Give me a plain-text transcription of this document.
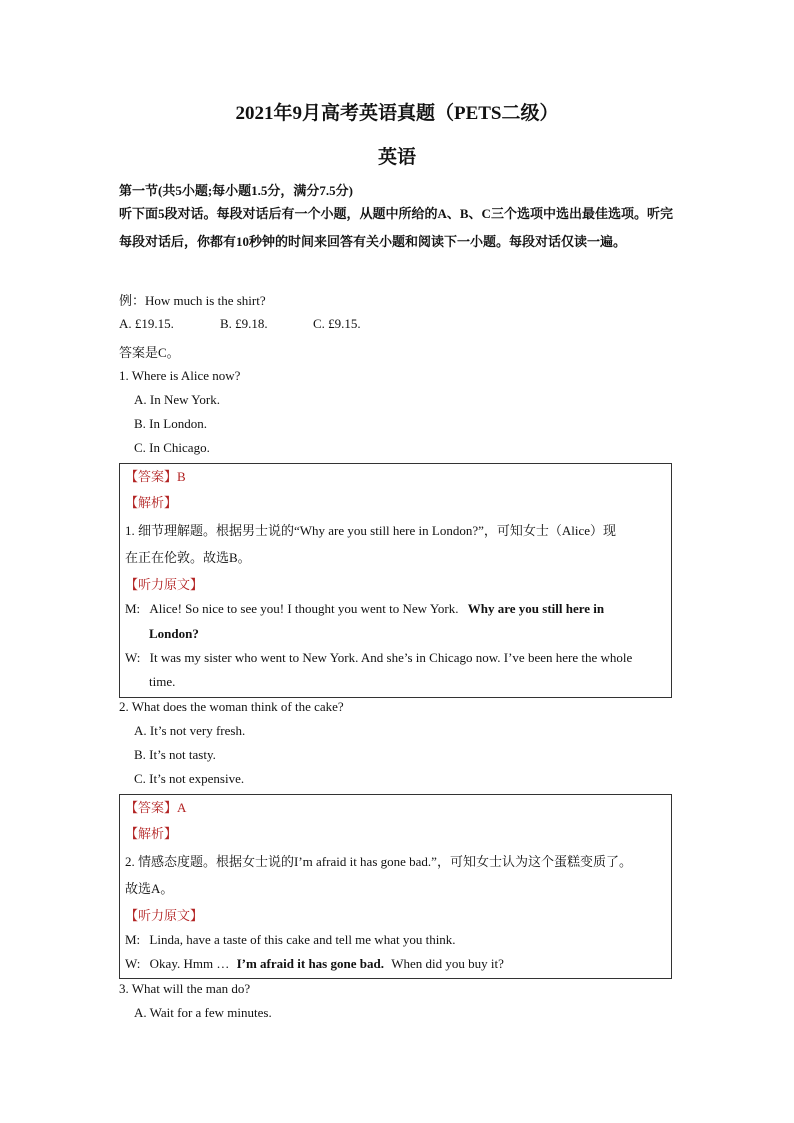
2021年9月高考英语真题（PETS二级）
英语
第一节(共5小题;每小题1.5分，满分7.5分)
听下面5段对话。每段对话后有一个小题，从题中所给的A、B、C三个选项中选出最佳选项。听完每段对话后，你都有10秒钟的时间来回答有关小题和阅读下一小题。每段对话仅读一遍。
例：How much is the shirt?
A. £19.15.	B. £9.18.	C. £9.15.
答案是C。
1. Where is Alice now?
A. In New York.
B. In London.
C. In Chicago.
【答案】B
【解析】
1. 细节理解题。根据男士说的“Why are you still here in London?”，可知女士（Alice）现
在正在伦敦。故选B。
【听力原文】
M: Alice! So nice to see you! I thought you went to New York. Why are you still here in
London?
W: It was my sister who went to New York. And she’s in Chicago now. I’ve been here the whole
time.
2. What does the woman think of the cake?
A. It’s not very fresh.
B. It’s not tasty.
C. It’s not expensive.
【答案】A
【解析】
2. 情感态度题。根据女士说的I’m afraid it has gone bad.”，可知女士认为这个蛋糕变质了。
故选A。
【听力原文】
M: Linda, have a taste of this cake and tell me what you think.
W: Okay. Hmm … I’m afraid it has gone bad. When did you buy it?
3. What will the man do?
A. Wait for a few minutes.
